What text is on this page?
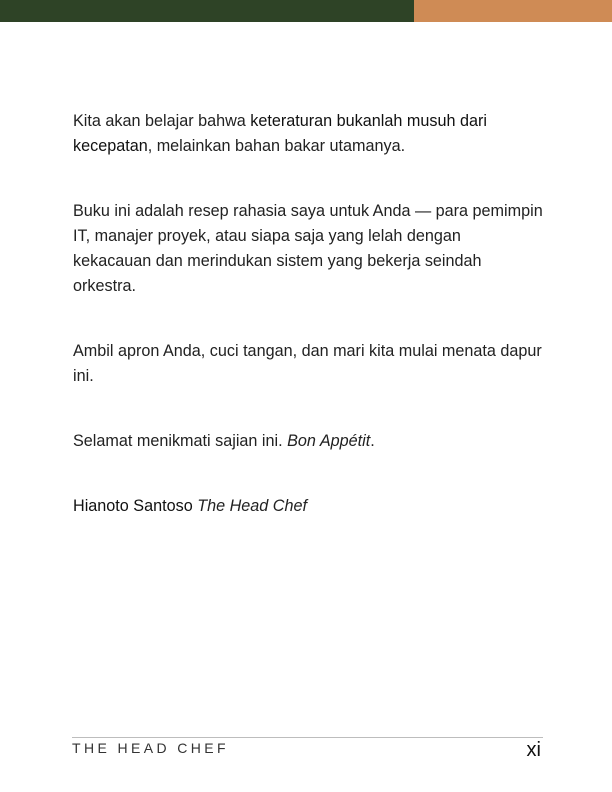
Kita akan belajar bahwa keteraturan bukanlah musuh dari kecepatan, melainkan bahan bakar utamanya.

Buku ini adalah resep rahasia saya untuk Anda — para pemimpin IT, manajer proyek, atau siapa saja yang lelah dengan kekacauan dan merindukan sistem yang bekerja seindah orkestra.

Ambil apron Anda, cuci tangan, dan mari kita mulai menata dapur ini.

Selamat menikmati sajian ini. Bon Appétit.

Hianoto Santoso The Head Chef

THE HEAD CHEF	xi
